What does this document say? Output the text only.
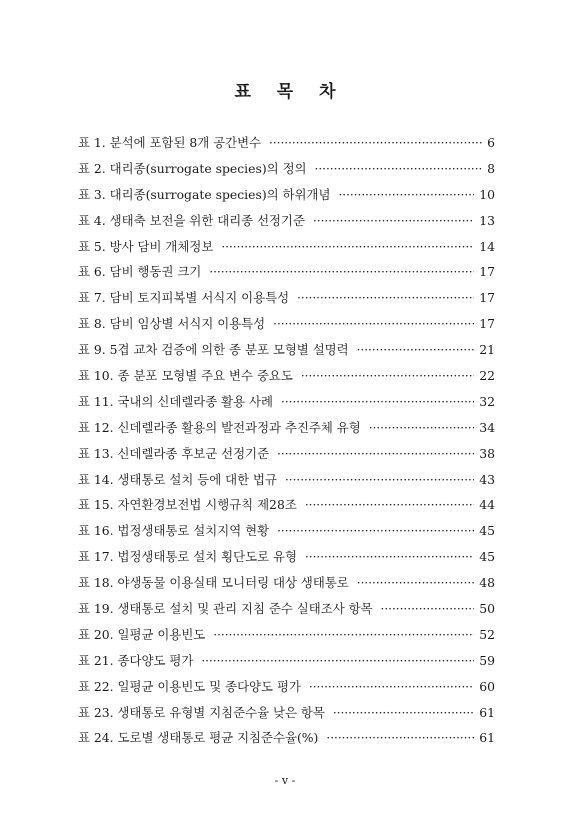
표 목 차
표 1. 분석에 포함된 8개 공간변수 ·····	6
표 2. 대리종(surrogate species)의 정의 ·····	8
표 3. 대리종(surrogate species)의 하위개념 ·····	10
표 4. 생태축 보전을 위한 대리종 선정기준 ·····	13
표 5. 방사 담비 개체정보 ·····	14
표 6. 담비 행동권 크기 ·····	17
표 7. 담비 토지피복별 서식지 이용특성 ·····	17
표 8. 담비 임상별 서식지 이용특성 ·····	17
표 9. 5겹 교차 검증에 의한 종 분포 모형별 설명력 ·····	21
표 10. 종 분포 모형별 주요 변수 중요도 ·····	22
표 11. 국내의 신데렐라종 활용 사례 ·····	32
표 12. 신데렐라종 활용의 발전과정과 추진주체 유형 ·····	34
표 13. 신데렐라종 후보군 선정기준 ·····	38
표 14. 생태통로 설치 등에 대한 법규 ·····	43
표 15. 자연환경보전법 시행규칙 제28조 ·····	44
표 16. 법정생태통로 설치지역 현황 ·····	45
표 17. 법정생태통로 설치 횡단도로 유형 ·····	45
표 18. 야생동물 이용실태 모니터링 대상 생태통로 ·····	48
표 19. 생태통로 설치 및 관리 지침 준수 실태조사 항목 ·····	50
표 20. 일평균 이용빈도 ·····	52
표 21. 종다양도 평가 ·····	59
표 22. 일평균 이용빈도 및 종다양도 평가 ·····	60
표 23. 생태통로 유형별 지침준수율 낮은 항목 ·····	61
표 24. 도로별 생태통로 평균 지침준수율(%) ·····	61
- v -
